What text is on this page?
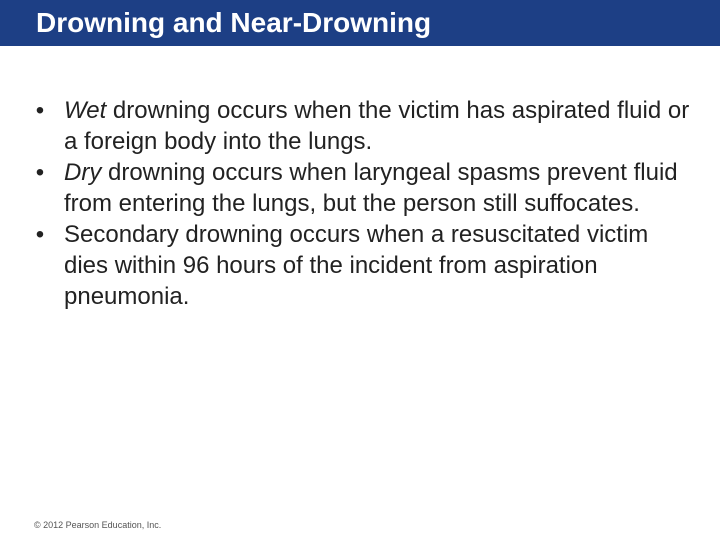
Drowning and Near-Drowning
• Wet drowning occurs when the victim has aspirated fluid or a foreign body into the lungs.
• Dry drowning occurs when laryngeal spasms prevent fluid from entering the lungs, but the person still suffocates.
• Secondary drowning occurs when a resuscitated victim dies within 96 hours of the incident from aspiration pneumonia.
© 2012 Pearson Education, Inc.
